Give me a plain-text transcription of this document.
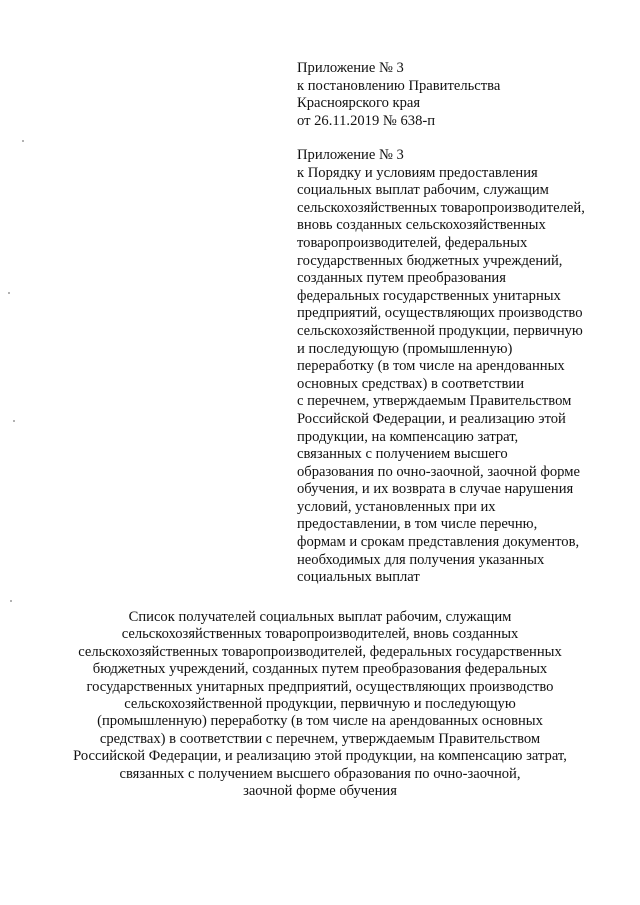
Приложение № 3
к постановлению Правительства
Красноярского края
от 26.11.2019 № 638-п
Приложение № 3
к Порядку и условиям предоставления
социальных выплат рабочим, служащим
сельскохозяйственных товаропроизводителей,
вновь созданных сельскохозяйственных
товаропроизводителей, федеральных
государственных бюджетных учреждений,
созданных путем преобразования
федеральных государственных унитарных
предприятий, осуществляющих производство
сельскохозяйственной продукции, первичную
и последующую (промышленную)
переработку (в том числе на арендованных
основных средствах) в соответствии
с перечнем, утверждаемым Правительством
Российской Федерации, и реализацию этой
продукции, на компенсацию затрат,
связанных с получением высшего
образования по очно-заочной, заочной форме
обучения, и их возврата в случае нарушения
условий, установленных при их
предоставлении, в том числе перечню,
формам и срокам представления документов,
необходимых для получения указанных
социальных выплат
Список получателей социальных выплат рабочим, служащим
сельскохозяйственных товаропроизводителей, вновь созданных
сельскохозяйственных товаропроизводителей, федеральных государственных
бюджетных учреждений, созданных путем преобразования федеральных
государственных унитарных предприятий, осуществляющих производство
сельскохозяйственной продукции, первичную и последующую
(промышленную) переработку (в том числе на арендованных основных
средствах) в соответствии с перечнем, утверждаемым Правительством
Российской Федерации, и реализацию этой продукции, на компенсацию затрат,
связанных с получением высшего образования по очно-заочной,
заочной форме обучения
